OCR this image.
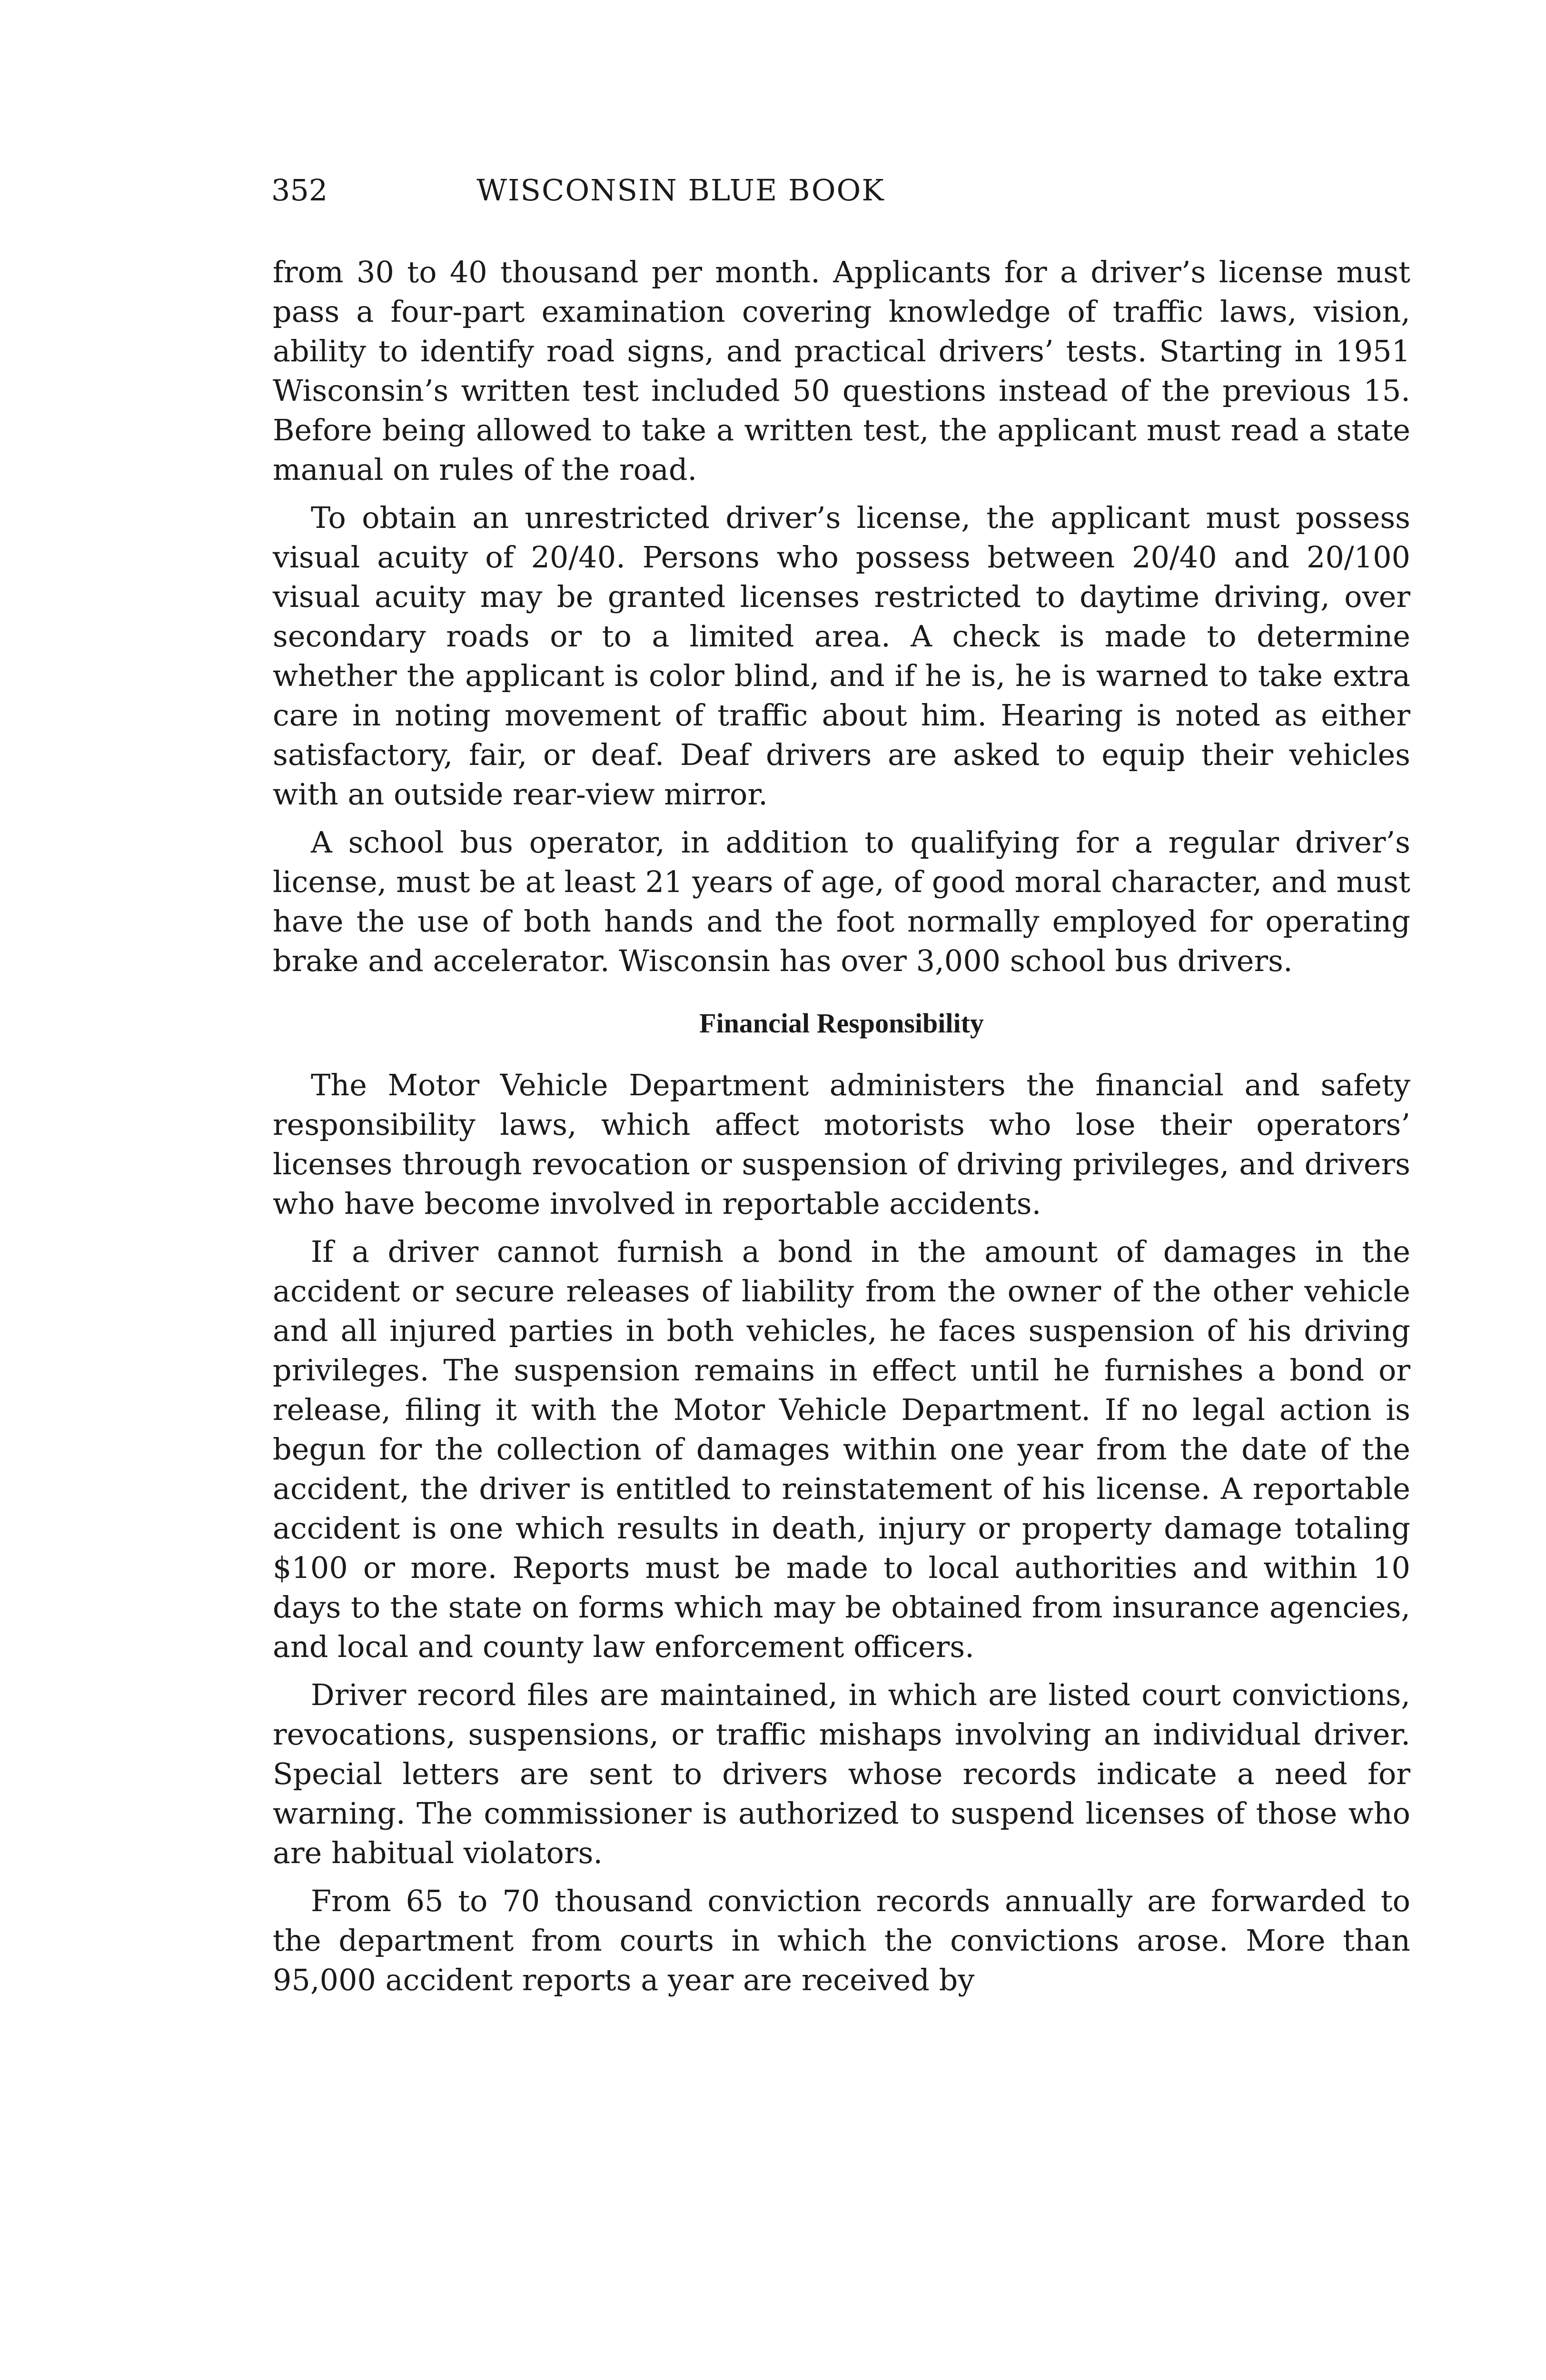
352	WISCONSIN BLUE BOOK

from 30 to 40 thousand per month. Applicants for a driver’s license must pass a four-part examination covering knowledge of traffic laws, vision, ability to identify road signs, and practical drivers’ tests. Starting in 1951 Wisconsin’s written test included 50 questions instead of the previous 15. Before being allowed to take a written test, the applicant must read a state manual on rules of the road.

To obtain an unrestricted driver’s license, the applicant must possess visual acuity of 20/40. Persons who possess between 20/40 and 20/100 visual acuity may be granted licenses restricted to daytime driving, over secondary roads or to a limited area. A check is made to determine whether the applicant is color blind, and if he is, he is warned to take extra care in noting movement of traffic about him. Hearing is noted as either satisfactory, fair, or deaf. Deaf drivers are asked to equip their vehicles with an outside rear-view mirror.

A school bus operator, in addition to qualifying for a regular driver’s license, must be at least 21 years of age, of good moral character, and must have the use of both hands and the foot normally employed for operating brake and accelerator. Wisconsin has over 3,000 school bus drivers.

Financial Responsibility

The Motor Vehicle Department administers the financial and safety responsibility laws, which affect motorists who lose their operators’ licenses through revocation or suspension of driving privileges, and drivers who have become involved in reportable accidents.

If a driver cannot furnish a bond in the amount of damages in the accident or secure releases of liability from the owner of the other vehicle and all injured parties in both vehicles, he faces suspension of his driving privileges. The suspension remains in effect until he furnishes a bond or release, filing it with the Motor Vehicle Department. If no legal action is begun for the collection of damages within one year from the date of the accident, the driver is entitled to reinstatement of his license. A reportable accident is one which results in death, injury or property damage totaling $100 or more. Reports must be made to local authorities and within 10 days to the state on forms which may be obtained from insurance agencies, and local and county law enforcement officers.

Driver record files are maintained, in which are listed court convictions, revocations, suspensions, or traffic mishaps involving an individual driver. Special letters are sent to drivers whose records indicate a need for warning. The commissioner is authorized to suspend licenses of those who are habitual violators.

From 65 to 70 thousand conviction records annually are forwarded to the department from courts in which the convictions arose. More than 95,000 accident reports a year are received by
